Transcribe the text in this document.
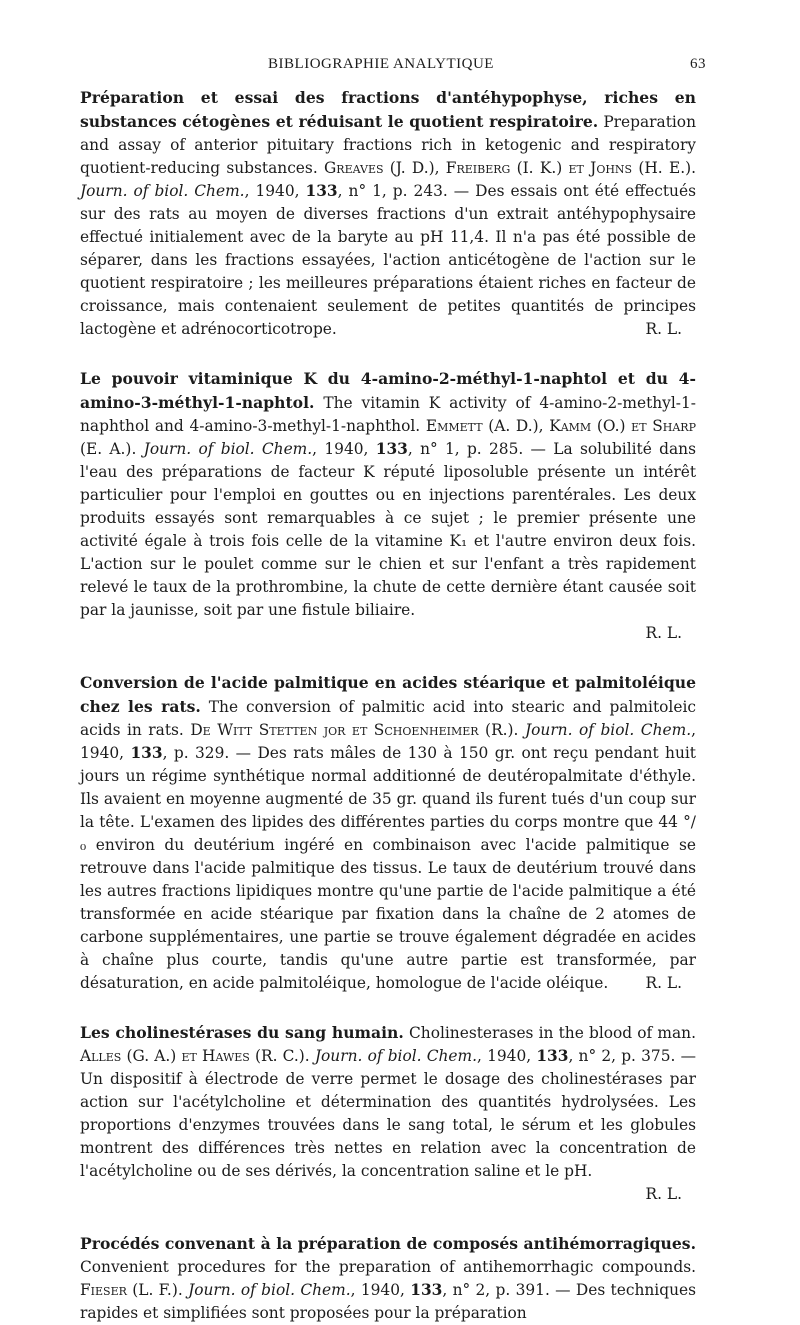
BIBLIOGRAPHIE ANALYTIQUE	63

Préparation et essai des fractions d'antéhypophyse, riches en substances cétogènes et réduisant le quotient respiratoire. Preparation and assay of anterior pituitary fractions rich in ketogenic and respiratory quotient-reducing substances. Greaves (J. D.), Freiberg (I. K.) et Johns (H. E.). Journ. of biol. Chem., 1940, 133, n° 1, p. 243. — Des essais ont été effectués sur des rats au moyen de diverses fractions d'un extrait antéhypophysaire effectué initialement avec de la baryte au pH 11,4. Il n'a pas été possible de séparer, dans les fractions essayées, l'action anticétogène de l'action sur le quotient respiratoire ; les meilleures préparations étaient riches en facteur de croissance, mais contenaient seulement de petites quantités de principes lactogène et adrénocorticotrope.	R. L.

Le pouvoir vitaminique K du 4-amino-2-méthyl-1-naphtol et du 4-amino-3-méthyl-1-naphtol. The vitamin K activity of 4-amino-2-methyl-1-naphthol and 4-amino-3-methyl-1-naphthol. Emmett (A. D.), Kamm (O.) et Sharp (E. A.). Journ. of biol. Chem., 1940, 133, n° 1, p. 285. — La solubilité dans l'eau des préparations de facteur K réputé liposoluble présente un intérêt particulier pour l'emploi en gouttes ou en injections parentérales. Les deux produits essayés sont remarquables à ce sujet ; le premier présente une activité égale à trois fois celle de la vitamine K₁ et l'autre environ deux fois. L'action sur le poulet comme sur le chien et sur l'enfant a très rapidement relevé le taux de la prothrombine, la chute de cette dernière étant causée soit par la jaunisse, soit par une fistule biliaire.

R. L.

Conversion de l'acide palmitique en acides stéarique et palmitoléique chez les rats. The conversion of palmitic acid into stearic and palmitoleic acids in rats. De Witt Stetten jor et Schoenheimer (R.). Journ. of biol. Chem., 1940, 133, p. 329. — Des rats mâles de 130 à 150 gr. ont reçu pendant huit jours un régime synthétique normal additionné de deutéropalmitate d'éthyle. Ils avaient en moyenne augmenté de 35 gr. quand ils furent tués d'un coup sur la tête. L'examen des lipides des différentes parties du corps montre que 44 °/₀ environ du deutérium ingéré en combinaison avec l'acide palmitique se retrouve dans l'acide palmitique des tissus. Le taux de deutérium trouvé dans les autres fractions lipidiques montre qu'une partie de l'acide palmitique a été transformée en acide stéarique par fixation dans la chaîne de 2 atomes de carbone supplémentaires, une partie se trouve également dégradée en acides à chaîne plus courte, tandis qu'une autre partie est transformée, par désaturation, en acide palmitoléique, homologue de l'acide oléique. R. L.

Les cholinestérases du sang humain. Cholinesterases in the blood of man. Alles (G. A.) et Hawes (R. C.). Journ. of biol. Chem., 1940, 133, n° 2, p. 375. — Un dispositif à électrode de verre permet le dosage des cholinestérases par action sur l'acétylcholine et détermination des quantités hydrolysées. Les proportions d'enzymes trouvées dans le sang total, le sérum et les globules montrent des différences très nettes en relation avec la concentration de l'acétylcholine ou de ses dérivés, la concentration saline et le pH.

R. L.

Procédés convenant à la préparation de composés antihémorragiques. Convenient procedures for the preparation of antihemorrhagic compounds. Fieser (L. F.). Journ. of biol. Chem., 1940, 133, n° 2, p. 391. — Des techniques rapides et simplifiées sont proposées pour la préparation
